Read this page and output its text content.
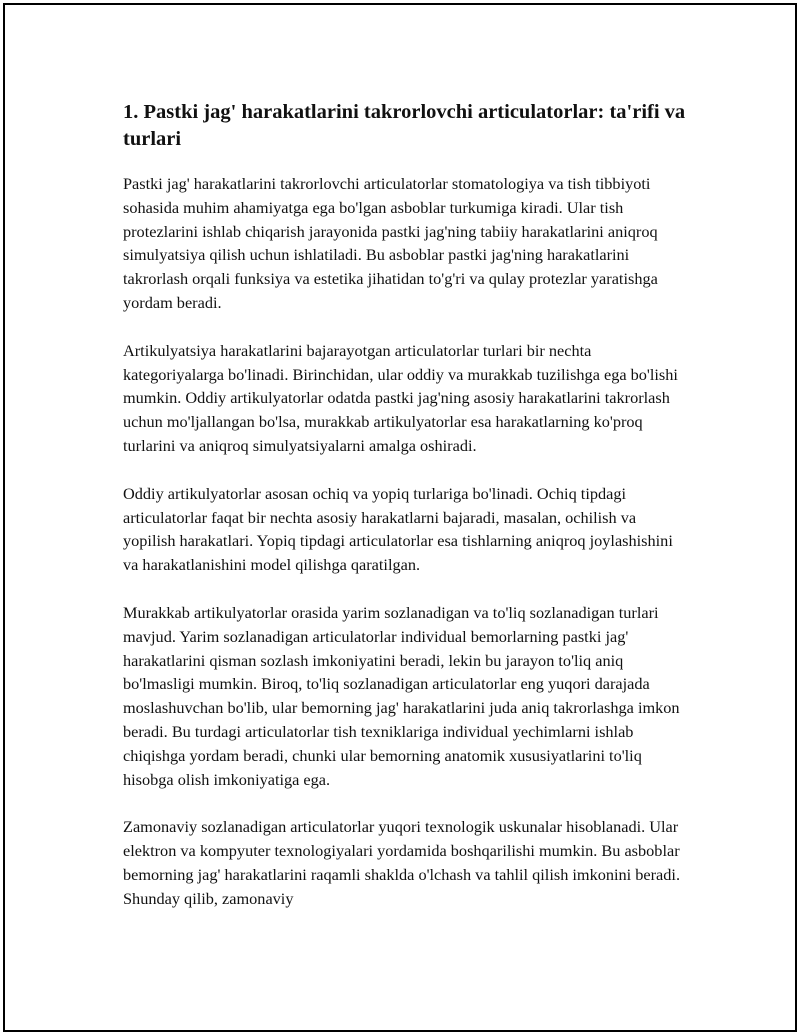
1. Pastki jag' harakatlarini takrorlovchi articulatorlar: ta'rifi va turlari

Pastki jag' harakatlarini takrorlovchi articulatorlar stomatologiya va tish tibbiyoti sohasida muhim ahamiyatga ega bo'lgan asboblar turkumiga kiradi. Ular tish protezlarini ishlab chiqarish jarayonida pastki jag'ning tabiiy harakatlarini aniqroq simulyatsiya qilish uchun ishlatiladi. Bu asboblar pastki jag'ning harakatlarini takrorlash orqali funksiya va estetika jihatidan to'g'ri va qulay protezlar yaratishga yordam beradi.

Artikulyatsiya harakatlarini bajarayotgan articulatorlar turlari bir nechta kategoriyalarga bo'linadi. Birinchidan, ular oddiy va murakkab tuzilishga ega bo'lishi mumkin. Oddiy artikulyatorlar odatda pastki jag'ning asosiy harakatlarini takrorlash uchun mo'ljallangan bo'lsa, murakkab artikulyatorlar esa harakatlarning ko'proq turlarini va aniqroq simulyatsiyalarni amalga oshiradi.

Oddiy artikulyatorlar asosan ochiq va yopiq turlariga bo'linadi. Ochiq tipdagi articulatorlar faqat bir nechta asosiy harakatlarni bajaradi, masalan, ochilish va yopilish harakatlari. Yopiq tipdagi articulatorlar esa tishlarning aniqroq joylashishini va harakatlanishini model qilishga qaratilgan.

Murakkab artikulyatorlar orasida yarim sozlanadigan va to'liq sozlanadigan turlari mavjud. Yarim sozlanadigan articulatorlar individual bemorlarning pastki jag' harakatlarini qisman sozlash imkoniyatini beradi, lekin bu jarayon to'liq aniq bo'lmasligi mumkin. Biroq, to'liq sozlanadigan articulatorlar eng yuqori darajada moslashuvchan bo'lib, ular bemorning jag' harakatlarini juda aniq takrorlashga imkon beradi. Bu turdagi articulatorlar tish texniklariga individual yechimlarni ishlab chiqishga yordam beradi, chunki ular bemorning anatomik xususiyatlarini to'liq hisobga olish imkoniyatiga ega.

Zamonaviy sozlanadigan articulatorlar yuqori texnologik uskunalar hisoblanadi. Ular elektron va kompyuter texnologiyalari yordamida boshqarilishi mumkin. Bu asboblar bemorning jag' harakatlarini raqamli shaklda o'lchash va tahlil qilish imkonini beradi. Shunday qilib, zamonaviy
